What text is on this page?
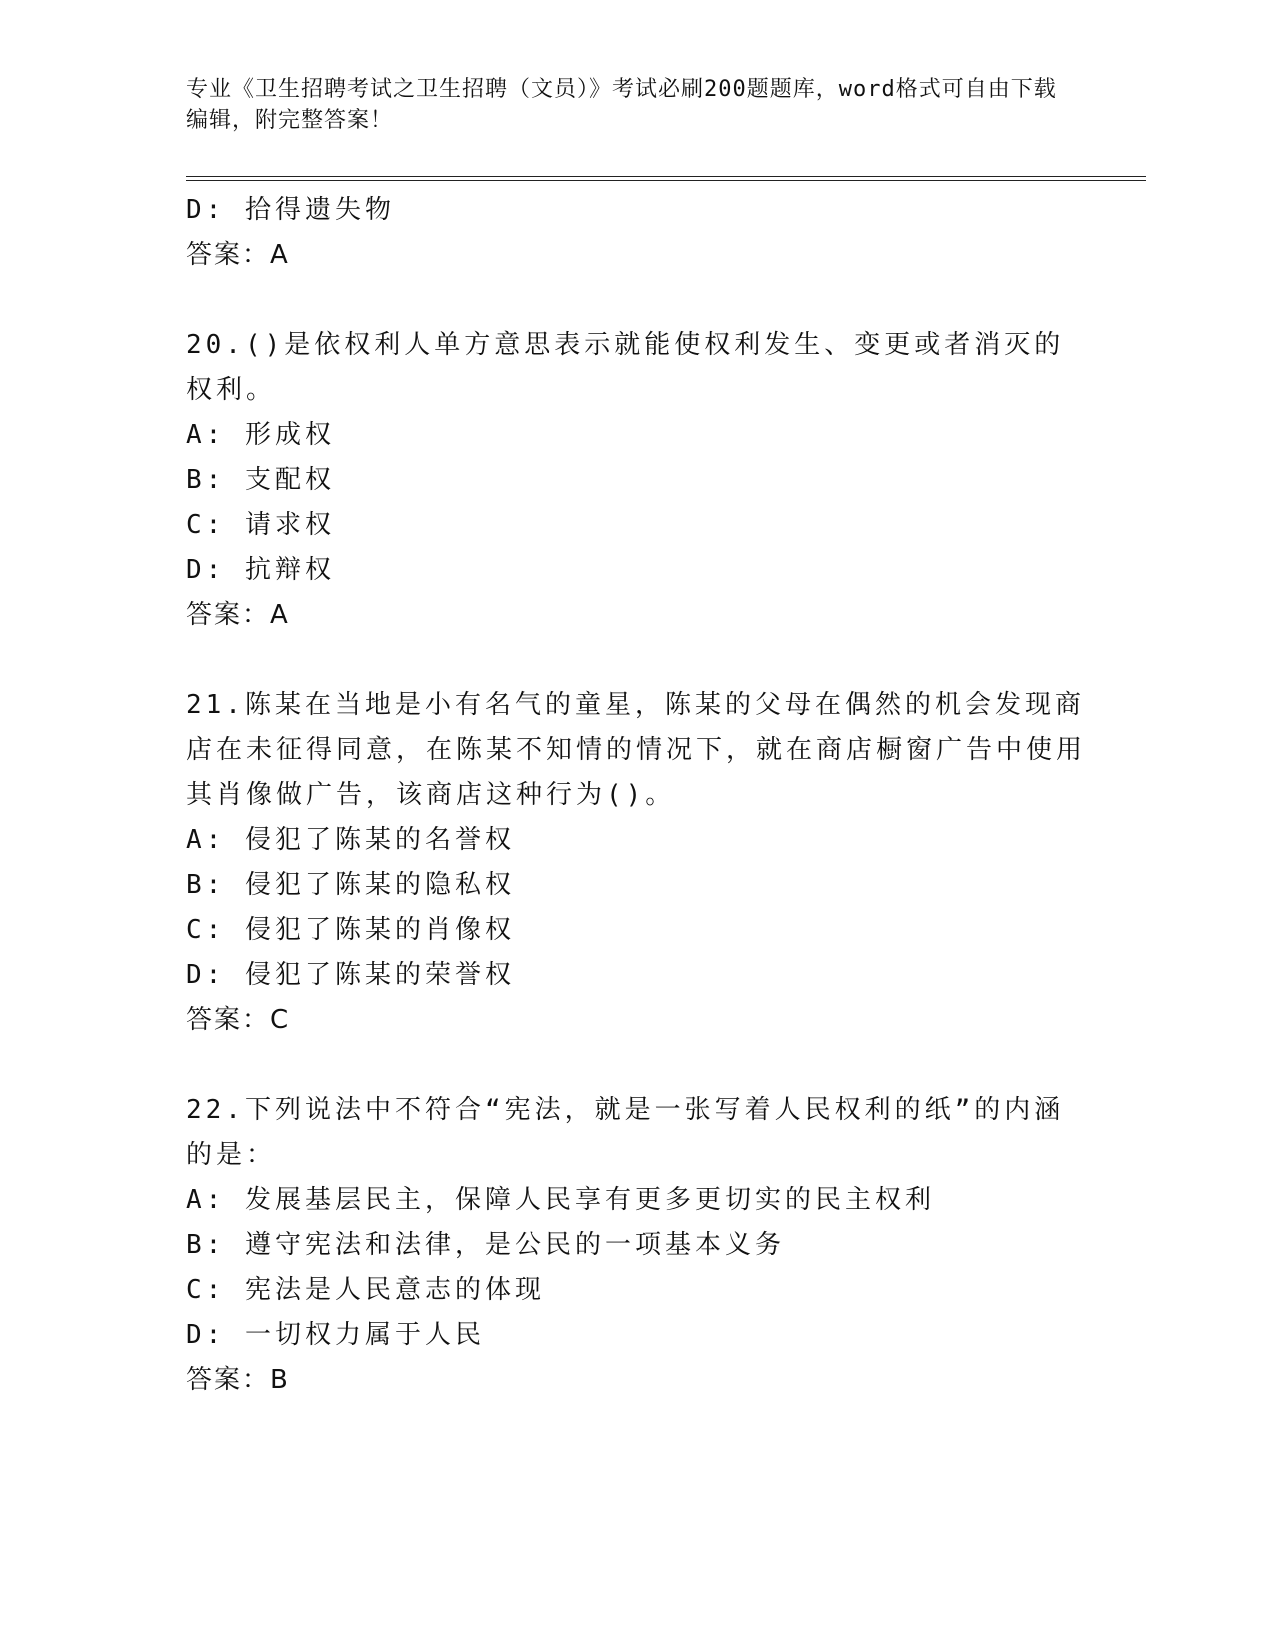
专业《卫生招聘考试之卫生招聘（文员）》考试必刷200题题库，word格式可自由下载编辑，附完整答案！
D: 拾得遗失物
答案：A
20.()是依权利人单方意思表示就能使权利发生、变更或者消灭的权利。
A: 形成权
B: 支配权
C: 请求权
D: 抗辩权
答案：A
21.陈某在当地是小有名气的童星，陈某的父母在偶然的机会发现商店在未征得同意，在陈某不知情的情况下，就在商店橱窗广告中使用其肖像做广告，该商店这种行为()。
A: 侵犯了陈某的名誉权
B: 侵犯了陈某的隐私权
C: 侵犯了陈某的肖像权
D: 侵犯了陈某的荣誉权
答案：C
22.下列说法中不符合“宪法，就是一张写着人民权利的纸”的内涵的是：
A: 发展基层民主，保障人民享有更多更切实的民主权利
B: 遵守宪法和法律，是公民的一项基本义务
C: 宪法是人民意志的体现
D: 一切权力属于人民
答案：B
